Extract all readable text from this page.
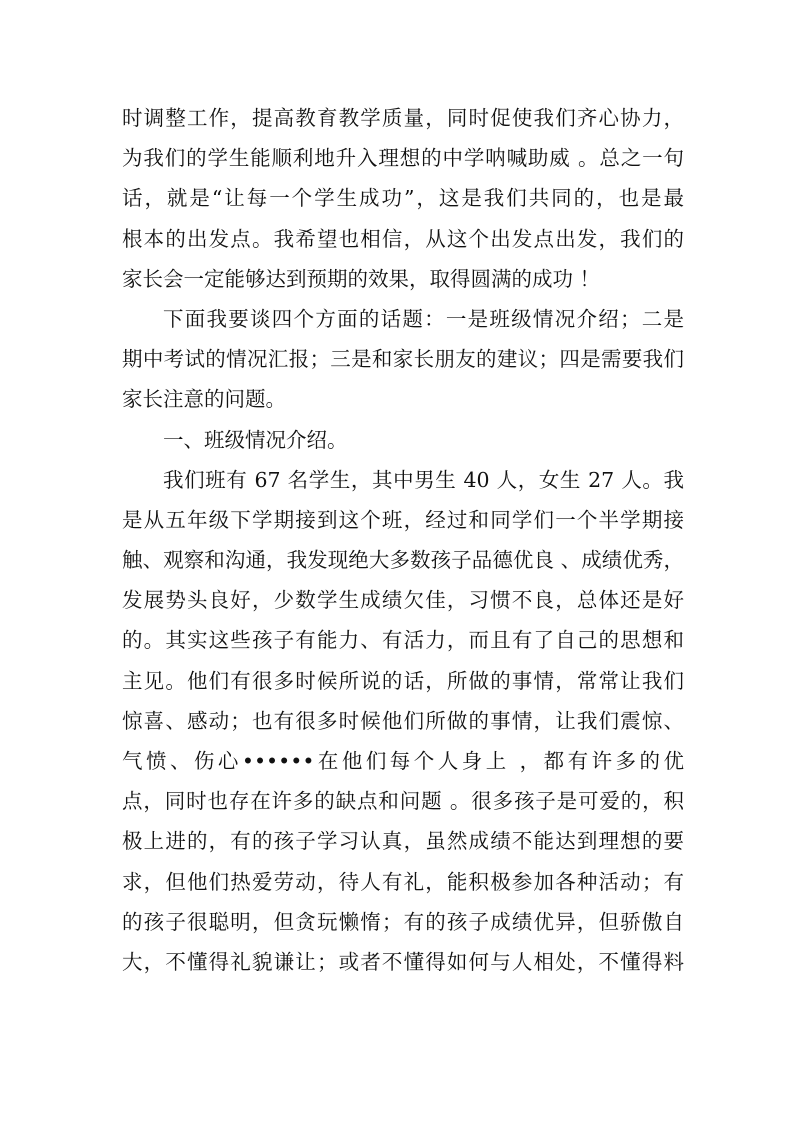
时调整工作，提高教育教学质量，同时促使我们齐心协力，
为我们的学生能顺利地升入理想的中学呐喊助威 。总之一句
话，就是“让每一个学生成功”，这是我们共同的，也是最
根本的出发点。我希望也相信，从这个出发点出发，我们的
家长会一定能够达到预期的效果，取得圆满的成功 ！
下面我要谈四个方面的话题：一是班级情况介绍；二是
期中考试的情况汇报；三是和家长朋友的建议；四是需要我们
家长注意的问题。
一、班级情况介绍。
我们班有 67 名学生，其中男生 40 人，女生 27 人。我
是从五年级下学期接到这个班，经过和同学们一个半学期接
触、观察和沟通，我发现绝大多数孩子品德优良 、成绩优秀，
发展势头良好，少数学生成绩欠佳，习惯不良，总体还是好
的。其实这些孩子有能力、有活力，而且有了自己的思想和
主见。他们有很多时候所说的话，所做的事情，常常让我们
惊喜、感动；也有很多时候他们所做的事情，让我们震惊、
气愤、伤心••••••在他们每个人身上 ，都有许多的优
点，同时也存在许多的缺点和问题 。很多孩子是可爱的，积
极上进的，有的孩子学习认真，虽然成绩不能达到理想的要
求，但他们热爱劳动，待人有礼，能积极参加各种活动；有
的孩子很聪明，但贪玩懒惰；有的孩子成绩优异，但骄傲自
大，不懂得礼貌谦让；或者不懂得如何与人相处，不懂得料
